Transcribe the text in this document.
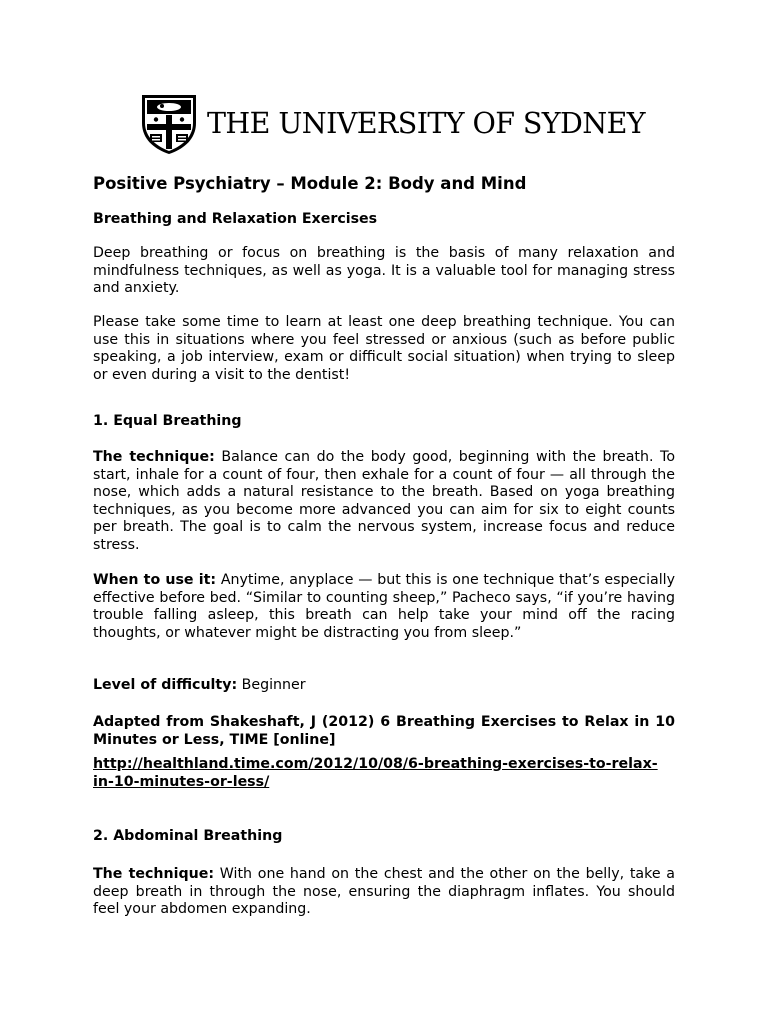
THE UNIVERSITY OF SYDNEY
Positive Psychiatry – Module 2: Body and Mind
Breathing and Relaxation Exercises

Deep breathing or focus on breathing is the basis of many relaxation and mindfulness techniques, as well as yoga. It is a valuable tool for managing stress and anxiety.

Please take some time to learn at least one deep breathing technique. You can use this in situations where you feel stressed or anxious (such as before public speaking, a job interview, exam or difficult social situation) when trying to sleep or even during a visit to the dentist!

1. Equal Breathing

The technique: Balance can do the body good, beginning with the breath. To start, inhale for a count of four, then exhale for a count of four — all through the nose, which adds a natural resistance to the breath. Based on yoga breathing techniques, as you become more advanced you can aim for six to eight counts per breath. The goal is to calm the nervous system, increase focus and reduce stress.

When to use it: Anytime, anyplace — but this is one technique that’s especially effective before bed. “Similar to counting sheep,” Pacheco says, “if you’re having trouble falling asleep, this breath can help take your mind off the racing thoughts, or whatever might be distracting you from sleep.”

Level of difficulty: Beginner

Adapted from Shakeshaft, J (2012) 6 Breathing Exercises to Relax in 10 Minutes or Less, TIME [online]

http://healthland.time.com/2012/10/08/6-breathing-exercises-to-relax-in-10-minutes-or-less/

2. Abdominal Breathing

The technique: With one hand on the chest and the other on the belly, take a deep breath in through the nose, ensuring the diaphragm inflates. You should feel your abdomen expanding.
